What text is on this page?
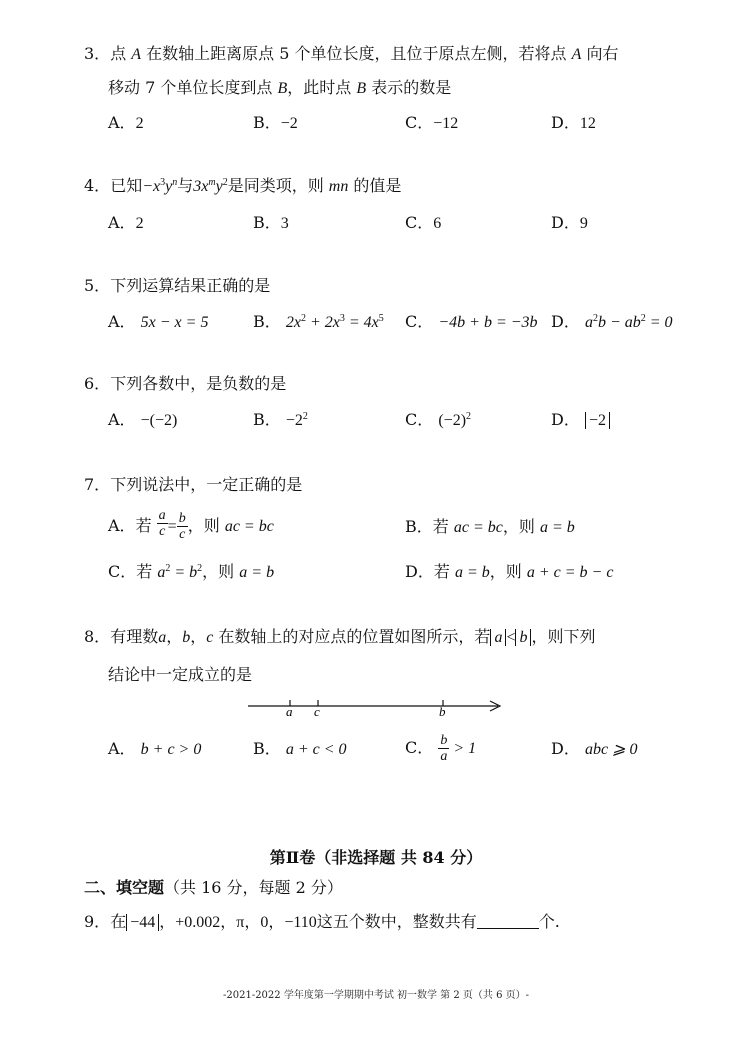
3．点 A 在数轴上距离原点 5 个单位长度，且位于原点左侧，若将点 A 向右
移动 7 个单位长度到点 B，此时点 B 表示的数是
A．2	B．−2	C．−12	D．12
4．已知$-x^3y^n$与$3x^my^2$是同类项，则 mn 的值是
A．2	B．3	C．6	D．9
5．下列运算结果正确的是
A． 5x − x = 5	B． $2x^2 + 2x^3 = 4x^5$ C． −4b + b = −3b D． $a^2b - ab^2 = 0$
6．下列各数中，是负数的是
A． −(−2)	B． $-2^2$	C． $(-2)^2$	D． −2
7．下列说法中，一定正确的是
A．若 $\frac{a}{c} = \frac{b}{c}$ ，则 ac = bc	B．若 ac = bc，则 a = b
C．若 $a^2 = b^2$，则 a = b	D．若 a = b，则 a + c = b − c
8．有理数a，b，c 在数轴上的对应点的位置如图所示，若 a < b ，则下列
结论中一定成立的是
a c	b
A． b + c > 0	B． a + c < 0	C． $\frac{b}{a} > 1$	D． abc ⩾ 0
第Ⅱ卷（非选择题 共 84 分）
二、填空题（共 16 分，每题 2 分）
9．在 −44 ，+0.002，π，0，−110这五个数中，整数共有	个.
-2021-2022 学年度第一学期期中考试 初一数学 第 2 页（共 6 页）-
